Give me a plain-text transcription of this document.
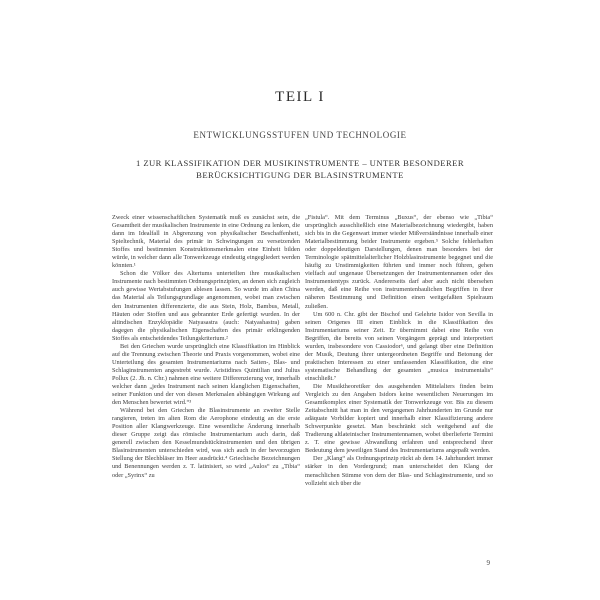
TEIL I
ENTWICKLUNGSSTUFEN UND TECHNOLOGIE
1 ZUR KLASSIFIKATION DER MUSIKINSTRUMENTE – UNTER BESONDERER BERÜCKSICHTIGUNG DER BLASINSTRUMENTE

Zweck einer wissenschaftlichen Systematik muß es zunächst sein, die Gesamtheit der musikalischen Instrumente in eine Ordnung zu lenken, die dann im Idealfall in Abgrenzung von physikalischer Beschaffenheit, Spieltechnik, Material des primär in Schwingungen zu versetzenden Stoffes und bestimmten Konstruktionsmerkmalen eine Einheit bilden würde, in welcher dann alle Tonwerkzeuge eindeutig eingegliedert werden könnten.¹

Schon die Völker des Altertums unterteilten ihre musikalischen Instrumente nach bestimmten Ordnungsprinzipien, an denen sich zugleich auch gewisse Wertabstufungen ablesen lassen. So wurde im alten China das Material als Teilungsgrundlage angenommen, wobei man zwischen den Instrumenten differenzierte, die aus Stein, Holz, Bambus, Metall, Häuten oder Stoffen und aus gebrannter Erde gefertigt wurden. In der altindischen Enzyklopädie Natyasastra (auch: Natyashastra) gaben dagegen die physikalischen Eigenschaften des primär erklingenden Stoffes als entscheidendes Teilungskriterium.²

Bei den Griechen wurde ursprünglich eine Klassifikation im Hinblick auf die Trennung zwischen Theorie und Praxis vorgenommen, wobei eine Unterteilung des gesamten Instrumentariums nach Saiten-, Blas- und Schlaginstrumenten angestrebt wurde. Aristidines Quintilian und Julius Pollux (2. Jh. n. Chr.) nahmen eine weitere Differenzierung vor, innerhalb welcher dann „jedes Instrument nach seinen klanglichen Eigenschaften, seiner Funktion und der von diesen Merkmalen abhängigen Wirkung auf den Menschen bewertet wird.“³

Während bei den Griechen die Blasinstrumente an zweiter Stelle rangieren, treten im alten Rom die Aerophone eindeutig an die erste Position aller Klangwerkzeuge. Eine wesentliche Änderung innerhalb dieser Gruppe zeigt das römische Instrumentarium auch darin, daß generell zwischen den Kesselmundstückinstrumenten und den übrigen Blasinstrumenten unterschieden wird, was sich auch in der bevorzugten Stellung der Blechbläser im Heer ausdrückt.⁴ Griechische Bezeichnungen und Benennungen werden z. T. latinisiert, so wird „Aulos“ zu „Tibia“ oder „Syrinx“ zu

„Fistula“. Mit dem Terminus „Buxus“, der ebenso wie „Tibia“ ursprünglich ausschließlich eine Materialbezeichnung wiedergibt, haben sich bis in die Gegenwart immer wieder Mißverständnisse innerhalb einer Materialbestimmung beider Instrumente ergeben.⁵ Solche fehlerhaften oder doppeldeutigen Darstellungen, denen man besonders bei der Terminologie spätmittelalterlicher Holzblasinstrumente begegnet und die häufig zu Unstimmigkeiten führten und immer noch führen, gehen vielfach auf ungenaue Übersetzungen der Instrumentennamen oder des Instrumententyps zurück. Andererseits darf aber auch nicht übersehen werden, daß eine Reihe von instrumentenbaulichen Begriffen in ihrer näheren Bestimmung und Definition einen weitgefaßten Spielraum zuließen.

Um 600 n. Chr. gibt der Bischof und Gelehrte Isidor von Sevilla in seinen Origenes III einen Einblick in die Klassifikation des Instrumentariums seiner Zeit. Er übernimmt dabei eine Reihe von Begriffen, die bereits von seinen Vorgängern geprägt und interpretiert wurden, insbesondere von Cassiodor⁶, und gelangt über eine Definition der Musik, Deutung ihrer untergeordneten Begriffe und Betonung der praktischen Interessen zu einer umfassenden Klassifikation, die eine systematische Behandlung der gesamten „musica instrumentalis“ einschließt.⁷

Die Musiktheoretiker des ausgehenden Mittelalters finden beim Vergleich zu den Angaben Isidors keine wesentlichen Neuerungen im Gesamtkomplex einer Systematik der Tonwerkzeuge vor. Bis zu diesem Zeitabschnitt hat man in den vergangenen Jahrhunderten im Grunde nur adäquate Vorbilder kopiert und innerhalb einer Klassifizierung andere Schwerpunkte gesetzt. Man beschränkt sich weitgehend auf die Tradierung altlateinischer Instrumentennamen, wobei überlieferte Termini z. T. eine gewisse Abwandlung erfahren und entsprechend ihrer Bedeutung dem jeweiligen Stand des Instrumentariums angepaßt werden.

Der „Klang“ als Ordnungsprinzip rückt ab dem 14. Jahrhundert immer stärker in den Vordergrund; man unterscheidet den Klang der menschlichen Stimme von dem der Blas- und Schlaginstrumente, und so vollzieht sich über die

9
